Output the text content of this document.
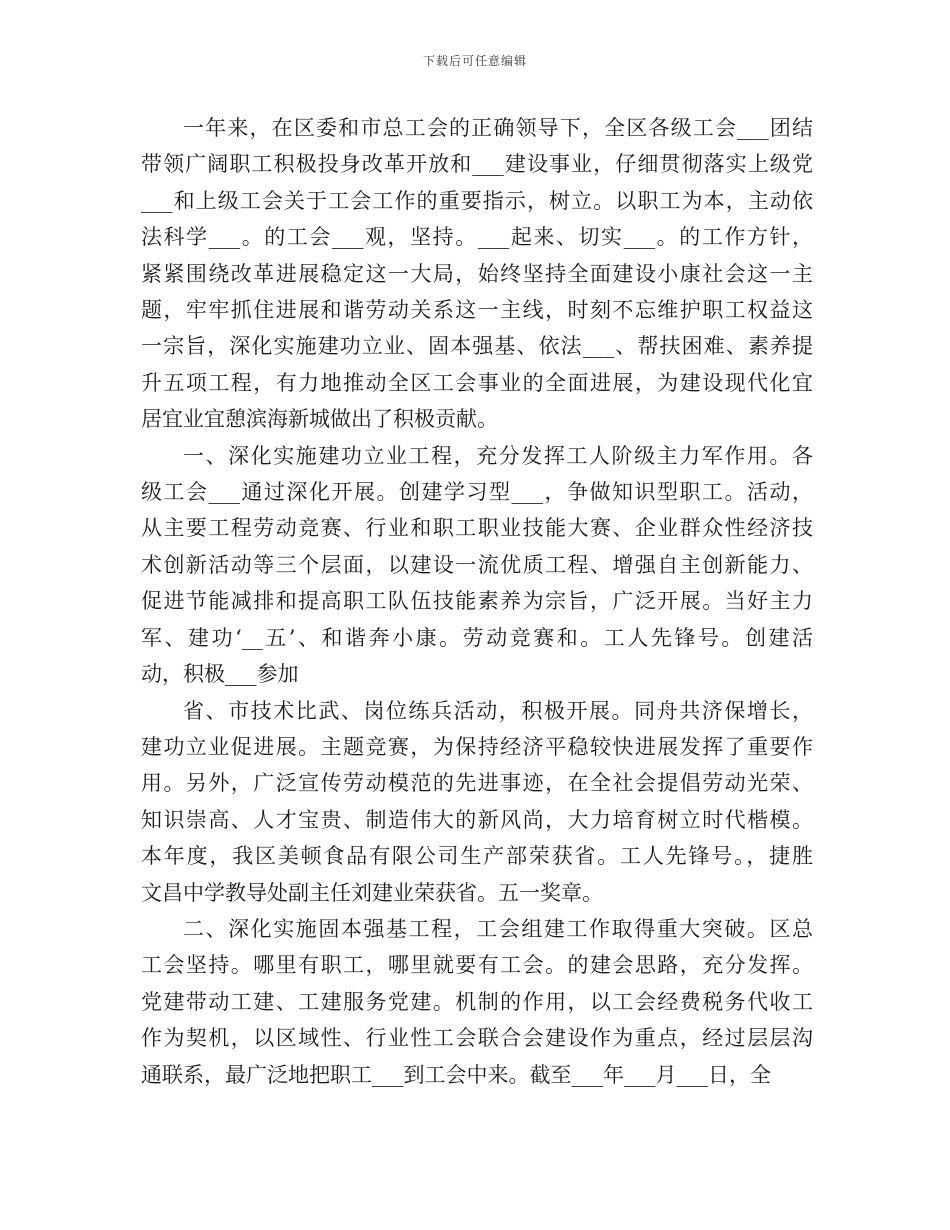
下载后可任意编辑
一年来，在区委和市总工会的正确领导下，全区各级工会___团结
带领广阔职工积极投身改革开放和___建设事业，仔细贯彻落实上级党
___和上级工会关于工会工作的重要指示，树立。以职工为本，主动依
法科学___。的工会___观，坚持。___起来、切实___。的工作方针，
紧紧围绕改革进展稳定这一大局，始终坚持全面建设小康社会这一主
题，牢牢抓住进展和谐劳动关系这一主线，时刻不忘维护职工权益这
一宗旨，深化实施建功立业、固本强基、依法___、帮扶困难、素养提
升五项工程，有力地推动全区工会事业的全面进展，为建设现代化宜
居宜业宜憩滨海新城做出了积极贡献。
一、深化实施建功立业工程，充分发挥工人阶级主力军作用。各
级工会___通过深化开展。创建学习型___，争做知识型职工。活动，
从主要工程劳动竞赛、行业和职工职业技能大赛、企业群众性经济技
术创新活动等三个层面，以建设一流优质工程、增强自主创新能力、
促进节能减排和提高职工队伍技能素养为宗旨，广泛开展。当好主力
军、建功‘__五’、和谐奔小康。劳动竞赛和。工人先锋号。创建活
动，积极___参加
省、市技术比武、岗位练兵活动，积极开展。同舟共济保增长，
建功立业促进展。主题竞赛，为保持经济平稳较快进展发挥了重要作
用。另外，广泛宣传劳动模范的先进事迹，在全社会提倡劳动光荣、
知识崇高、人才宝贵、制造伟大的新风尚，大力培育树立时代楷模。
本年度，我区美顿食品有限公司生产部荣获省。工人先锋号。，捷胜
文昌中学教导处副主任刘建业荣获省。五一奖章。
二、深化实施固本强基工程，工会组建工作取得重大突破。区总
工会坚持。哪里有职工，哪里就要有工会。的建会思路，充分发挥。
党建带动工建、工建服务党建。机制的作用，以工会经费税务代收工
作为契机，以区域性、行业性工会联合会建设作为重点，经过层层沟
通联系，最广泛地把职工___到工会中来。截至___年___月___日，全
